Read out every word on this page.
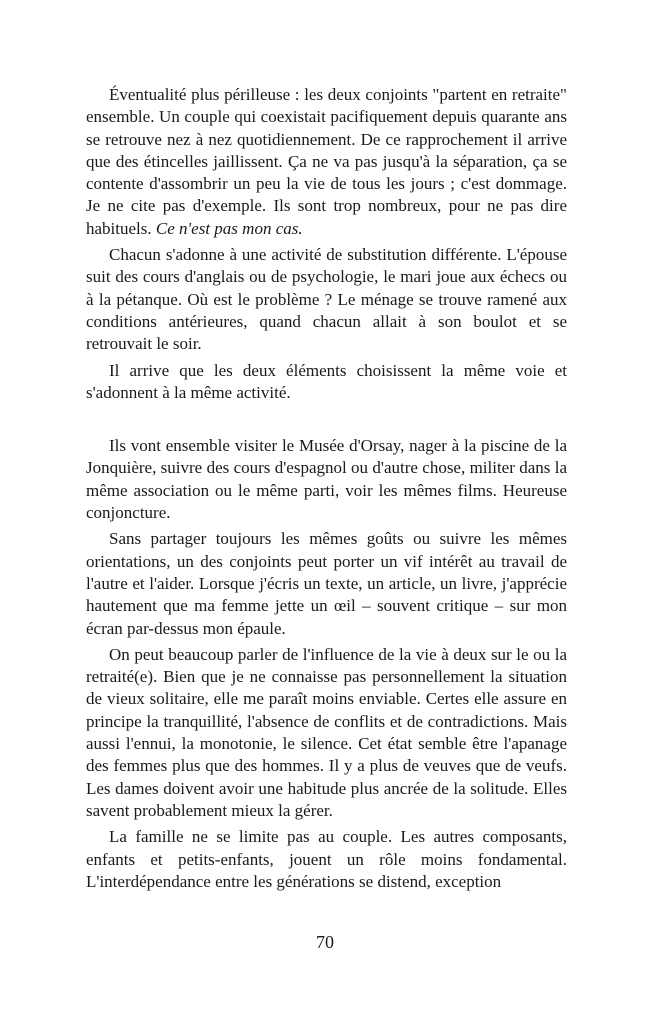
Éventualité plus périlleuse : les deux conjoints "partent en retraite" ensemble. Un couple qui coexistait pacifiquement depuis quarante ans se retrouve nez à nez quotidiennement. De ce rapprochement il arrive que des étincelles jaillissent. Ça ne va pas jusqu'à la séparation, ça se contente d'assombrir un peu la vie de tous les jours ; c'est dommage. Je ne cite pas d'exemple. Ils sont trop nombreux, pour ne pas dire habituels. Ce n'est pas mon cas.

Chacun s'adonne à une activité de substitution différente. L'épouse suit des cours d'anglais ou de psychologie, le mari joue aux échecs ou à la pétanque. Où est le problème ? Le ménage se trouve ramené aux conditions antérieures, quand chacun allait à son boulot et se retrouvait le soir.

Il arrive que les deux éléments choisissent la même voie et s'adonnent à la même activité.

Ils vont ensemble visiter le Musée d'Orsay, nager à la piscine de la Jonquière, suivre des cours d'espagnol ou d'autre chose, militer dans la même association ou le même parti, voir les mêmes films. Heureuse conjoncture.

Sans partager toujours les mêmes goûts ou suivre les mêmes orientations, un des conjoints peut porter un vif intérêt au travail de l'autre et l'aider. Lorsque j'écris un texte, un article, un livre, j'apprécie hautement que ma femme jette un œil – souvent critique – sur mon écran par-dessus mon épaule.

On peut beaucoup parler de l'influence de la vie à deux sur le ou la retraité(e). Bien que je ne connaisse pas personnellement la situation de vieux solitaire, elle me paraît moins enviable. Certes elle assure en principe la tranquillité, l'absence de conflits et de contradictions. Mais aussi l'ennui, la monotonie, le silence. Cet état semble être l'apanage des femmes plus que des hommes. Il y a plus de veuves que de veufs. Les dames doivent avoir une habitude plus ancrée de la solitude. Elles savent probablement mieux la gérer.

La famille ne se limite pas au couple. Les autres composants, enfants et petits-enfants, jouent un rôle moins fondamental. L'interdépendance entre les générations se distend, exception

70
